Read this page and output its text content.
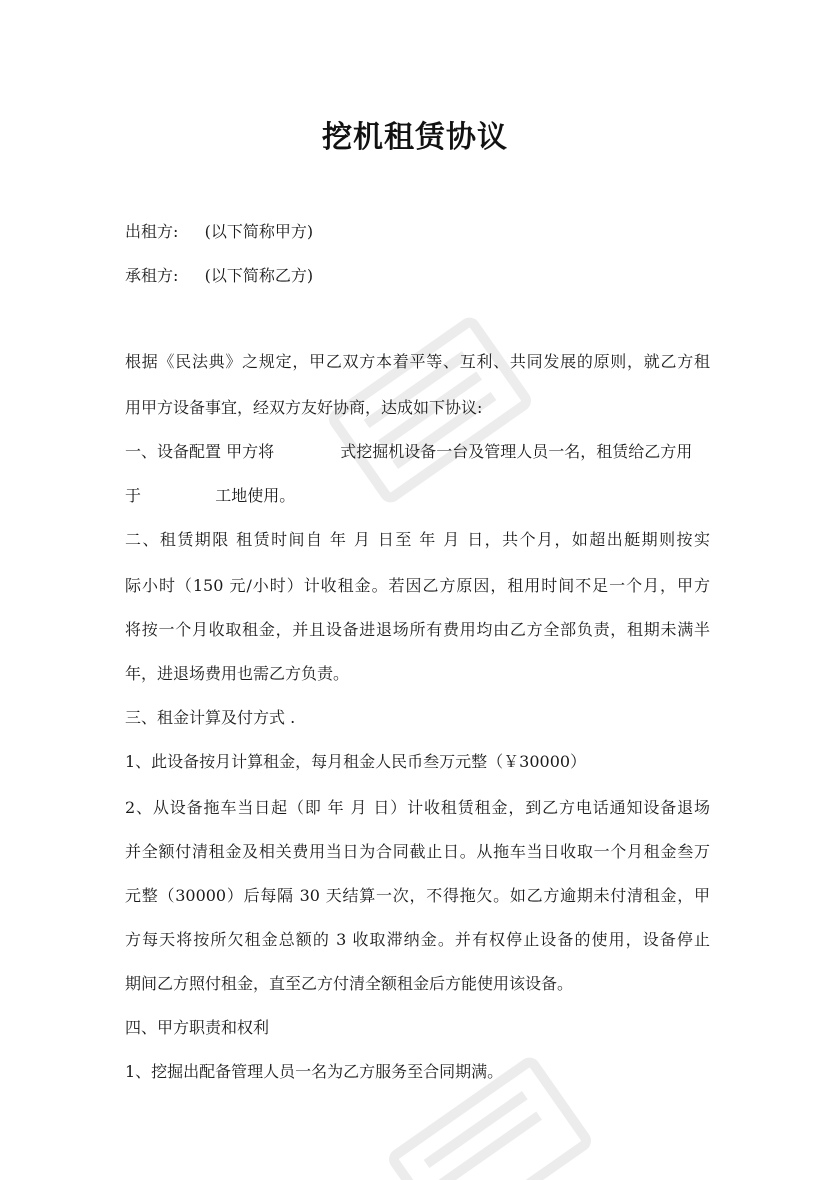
挖机租赁协议
出租方: (以下简称甲方)
承租方: (以下简称乙方)
根据《民法典》之规定，甲乙双方本着平等、互利、共同发展的原则，就乙方租
用甲方设备事宜，经双方友好协商，达成如下协议:
一、设备配置 甲方将	式挖掘机设备一台及管理人员一名，租赁给乙方用
于	工地使用。
二、租赁期限 租赁时间自 年 月 日至 年 月 日，共个月，如超出艇期则按实
际小时（150 元/小时）计收租金。若因乙方原因，租用时间不足一个月，甲方
将按一个月收取租金，并且设备进退场所有费用均由乙方全部负责，租期未满半
年，进退场费用也需乙方负责。
三、租金计算及付方式 .
1、此设备按月计算租金，每月租金人民币叁万元整（￥30000）
2、从设备拖车当日起（即 年 月 日）计收租赁租金，到乙方电话通知设备退场
并全额付清租金及相关费用当日为合同截止日。从拖车当日收取一个月租金叁万
元整（30000）后每隔 30 天结算一次，不得拖欠。如乙方逾期未付清租金，甲
方每天将按所欠租金总额的 3 收取滞纳金。并有权停止设备的使用，设备停止
期间乙方照付租金，直至乙方付清全额租金后方能使用该设备。
四、甲方职责和权利
1、挖掘出配备管理人员一名为乙方服务至合同期满。
